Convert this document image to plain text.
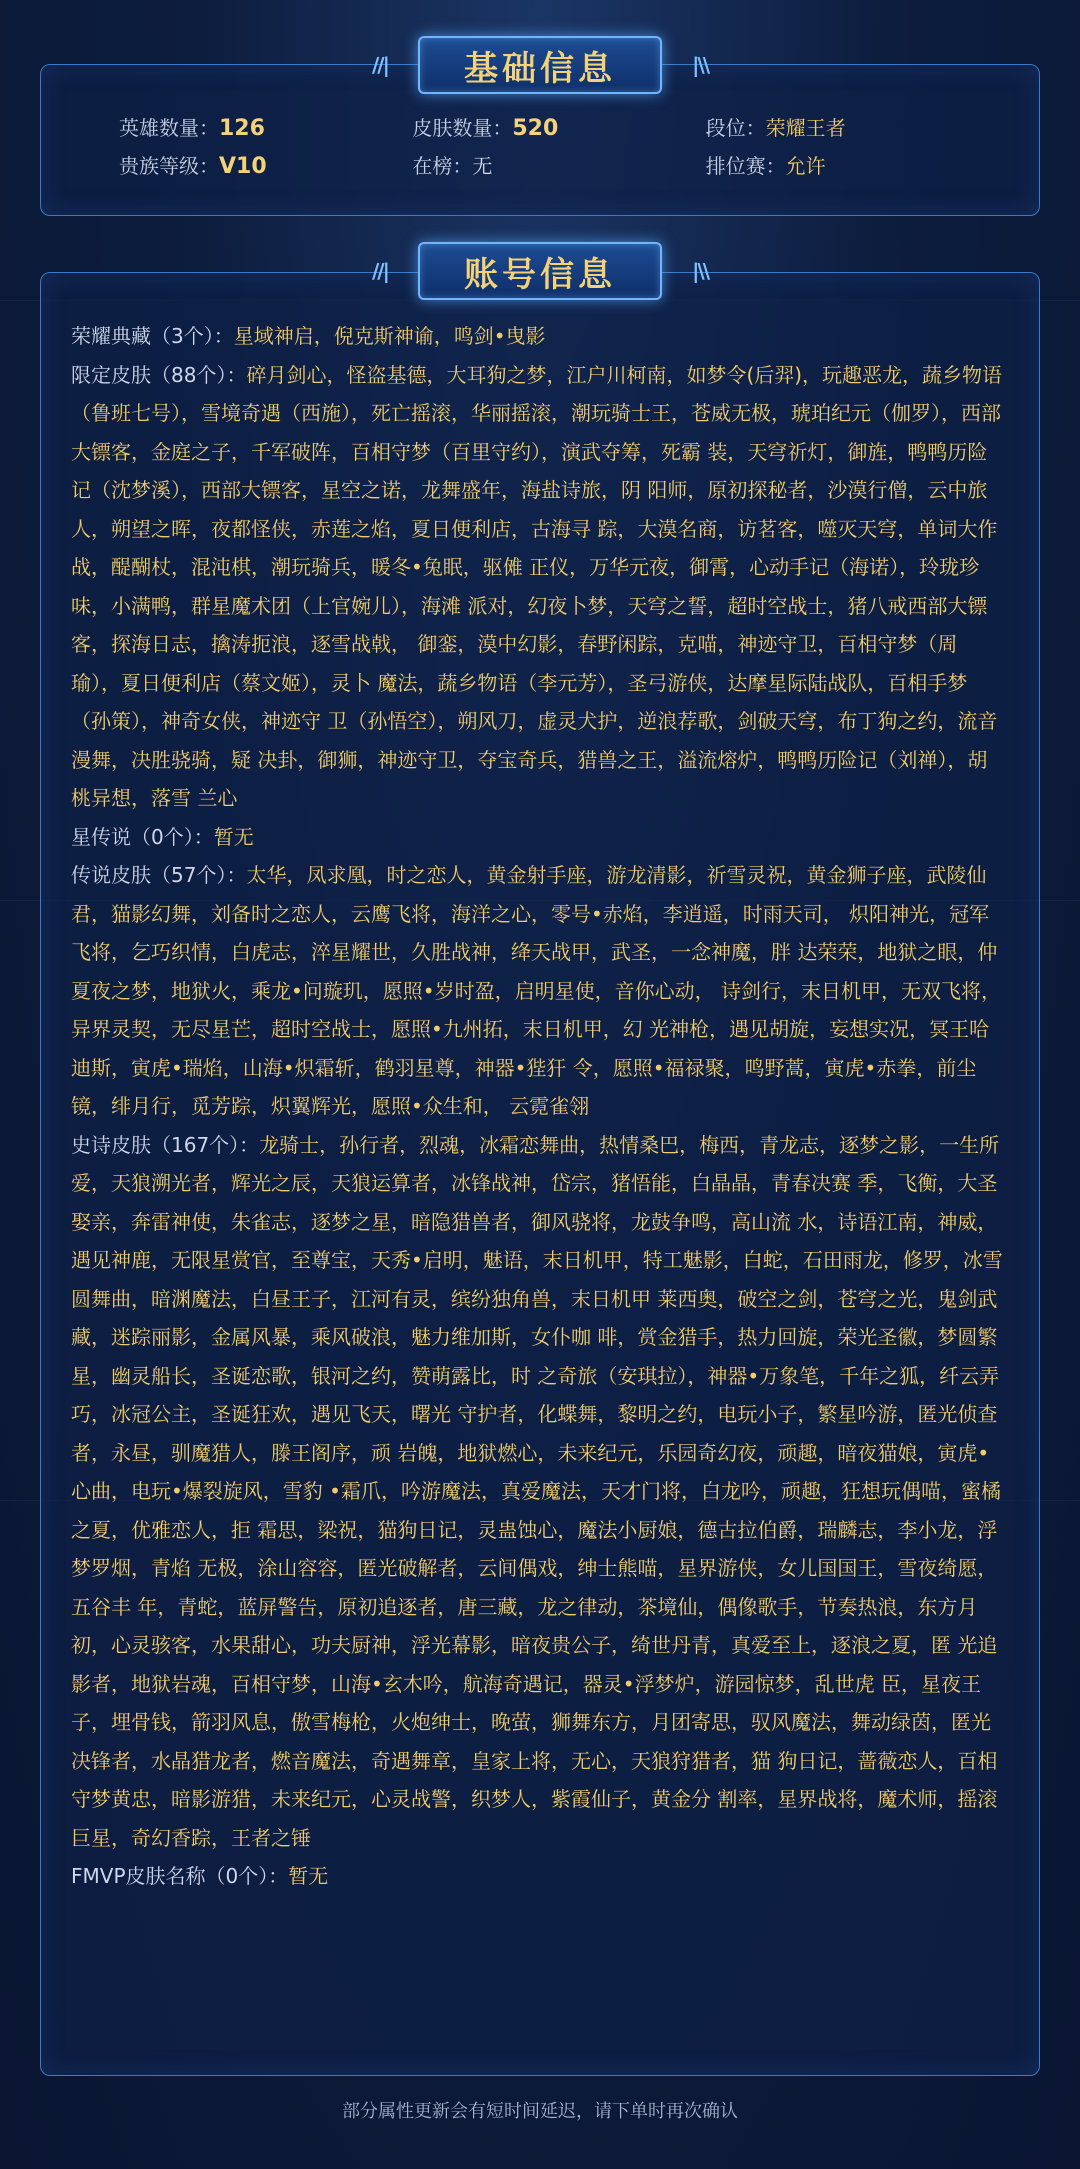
//| 基础信息	|\\
英雄数量：126	皮肤数量：520	段位：荣耀王者
贵族等级：V10	在榜：无	排位赛：允许
//| 账号信息	|\\

荣耀典藏（3个）：星域神启，倪克斯神谕，鸣剑•曳影

限定皮肤（88个）：碎月剑心，怪盗基德，大耳狗之梦，江户川柯南，如梦令(后羿)，玩趣恶龙，蔬乡物语（鲁班七号），雪境奇遇（西施），死亡摇滚，华丽摇滚，潮玩骑士王，苍威无极，琥珀纪元（伽罗），西部大镖客，金庭之子，千军破阵，百相守梦（百里守约），演武夺筹，死霸 装，天穹祈灯，御旌，鸭鸭历险记（沈梦溪），西部大镖客，星空之诺，龙舞盛年，海盐诗旅，阴 阳师，原初探秘者，沙漠行僧，云中旅人，朔望之晖，夜都怪侠，赤莲之焰，夏日便利店，古海寻 踪，大漠名商，访茗客，噬灭天穹，单词大作战，醍醐杖，混沌棋，潮玩骑兵，暖冬•兔眠，驱傩 正仪，万华元夜，御霄，心动手记（海诺），玲珑珍味，小满鸭，群星魔术团（上官婉儿），海滩 派对，幻夜卜梦，天穹之誓，超时空战士，猪八戒西部大镖客，探海日志，擒涛扼浪，逐雪战戟， 御銮，漠中幻影，春野闲踪，克喵，神迹守卫，百相守梦（周瑜），夏日便利店（蔡文姬），灵卜 魔法，蔬乡物语（李元芳），圣弓游侠，达摩星际陆战队，百相手梦（孙策），神奇女侠，神迹守 卫（孙悟空），朔风刀，虚灵犬护，逆浪荐歌，剑破天穹，布丁狗之约，流音漫舞，决胜骁骑，疑 决卦，御狮，神迹守卫，夺宝奇兵，猎兽之王，溢流熔炉，鸭鸭历险记（刘禅），胡桃异想，落雪 兰心

星传说（0个）：暂无

传说皮肤（57个）：太华，凤求凰，时之恋人，黄金射手座，游龙清影，祈雪灵祝，黄金狮子座，武陵仙君，猫影幻舞，刘备时之恋人，云鹰飞将，海洋之心，零号•赤焰，李逍遥，时雨天司， 炽阳神光，冠军飞将，乞巧织情，白虎志，淬星耀世，久胜战神，绛天战甲，武圣，一念神魔，胖 达荣荣，地狱之眼，仲夏夜之梦，地狱火，乘龙•问璇玑，愿照•岁时盈，启明星使，音你心动， 诗剑行，末日机甲，无双飞将，异界灵契，无尽星芒，超时空战士，愿照•九州拓，末日机甲，幻 光神枪，遇见胡旋，妄想实况，冥王哈迪斯，寅虎•瑞焰，山海•炽霜斩，鹤羽星尊，神器•狴犴 令，愿照•福禄聚，鸣野蒿，寅虎•赤拳，前尘镜，绯月行，觅芳踪，炽翼辉光，愿照•众生和， 云霓雀翎

史诗皮肤（167个）：龙骑士，孙行者，烈魂，冰霜恋舞曲，热情桑巴，梅西，青龙志，逐梦之影，一生所爱，天狼溯光者，辉光之辰，天狼运算者，冰锋战神，岱宗，猪悟能，白晶晶，青春决赛 季，飞衡，大圣娶亲，奔雷神使，朱雀志，逐梦之星，暗隐猎兽者，御风骁将，龙鼓争鸣，高山流 水，诗语江南，神威，遇见神鹿，无限星赏官，至尊宝，天秀•启明，魅语，末日机甲，特工魅影，白蛇，石田雨龙，修罗，冰雪圆舞曲，暗渊魔法，白昼王子，江河有灵，缤纷独角兽，末日机甲 莱西奥，破空之剑，苍穹之光，鬼剑武藏，迷踪丽影，金属风暴，乘风破浪，魅力维加斯，女仆咖 啡，赏金猎手，热力回旋，荣光圣徽，梦圆繁星，幽灵船长，圣诞恋歌，银河之约，赞萌露比，时 之奇旅（安琪拉），神器•万象笔，千年之狐，纤云弄巧，冰冠公主，圣诞狂欢，遇见飞天，曙光 守护者，化蝶舞，黎明之约，电玩小子，繁星吟游，匿光侦查者，永昼，驯魔猎人，滕王阁序，顽 岩魄，地狱燃心，未来纪元，乐园奇幻夜，顽趣，暗夜猫娘，寅虎•心曲，电玩•爆裂旋风，雪豹 •霜爪，吟游魔法，真爱魔法，天才门将，白龙吟，顽趣，狂想玩偶喵，蜜橘之夏，优雅恋人，拒 霜思，梁祝，猫狗日记，灵蛊蚀心，魔法小厨娘，德古拉伯爵，瑞麟志，李小龙，浮梦罗烟，青焰 无极，涂山容容，匿光破解者，云间偶戏，绅士熊喵，星界游侠，女儿国国王，雪夜绮愿，五谷丰 年，青蛇，蓝屏警告，原初追逐者，唐三藏，龙之律动，茶境仙，偶像歌手，节奏热浪，东方月初，心灵骇客，水果甜心，功夫厨神，浮光幕影，暗夜贵公子，绮世丹青，真爱至上，逐浪之夏，匿 光追影者，地狱岩魂，百相守梦，山海•玄木吟，航海奇遇记，器灵•浮梦炉，游园惊梦，乱世虎 臣，星夜王子，埋骨钱，箭羽风息，傲雪梅枪，火炮绅士，晚萤，狮舞东方，月团寄思，驭风魔法，舞动绿茵，匿光决锋者，水晶猎龙者，燃音魔法，奇遇舞章，皇家上将，无心，天狼狩猎者，猫 狗日记，蔷薇恋人，百相守梦黄忠，暗影游猎，未来纪元，心灵战警，织梦人，紫霞仙子，黄金分 割率，星界战将，魔术师，摇滚巨星，奇幻香踪，王者之锤

FMVP皮肤名称（0个）：暂无

部分属性更新会有短时间延迟，请下单时再次确认
